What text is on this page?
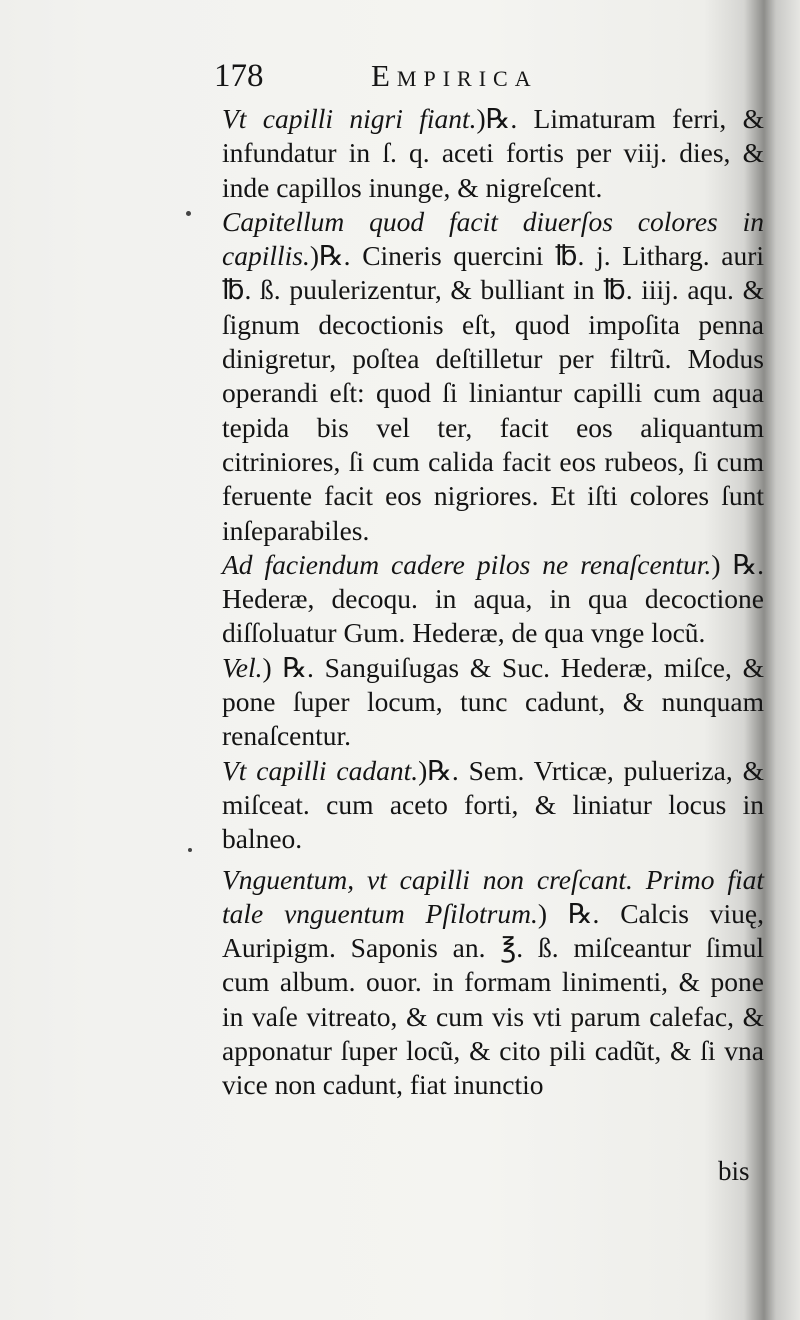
178	Empirica

Vt capilli nigri fiant.)℞. Limaturam ferri, & infundatur in ſ. q. aceti fortis per viij. dies, & inde capillos inunge, & nigreſcent.

Capitellum quod facit diuerſos colores in capillis.)℞. Cineris quercini ℔. j. Litharg. auri ℔. ß. puulerizentur, & bulliant in ℔. iiij. aqu. & ſignum decoctionis eſt, quod impoſita penna dinigretur, poſtea deſtilletur per filtrũ. Modus operandi eſt: quod ſi liniantur capilli cum aqua tepida bis vel ter, facit eos aliquantum citriniores, ſi cum calida facit eos rubeos, ſi cum feruente facit eos nigriores. Et iſti colores ſunt inſeparabiles.

Ad faciendum cadere pilos ne renaſcentur.) ℞. Hederæ, decoqu. in aqua, in qua decoctione diſſoluatur Gum. Hederæ, de qua vnge locũ.

Vel.) ℞. Sanguiſugas & Suc. Hederæ, miſce, & pone ſuper locum, tunc cadunt, & nunquam renaſcentur.

Vt capilli cadant.)℞. Sem. Vrticæ, pulueriza, & miſceat. cum aceto forti, & liniatur locus in balneo.

Vnguentum, vt capilli non creſcant. Primo fiat tale vnguentum Pſilotrum.) ℞. Calcis viuę, Auripigm. Saponis an. ℥. ß. miſceantur ſimul cum album. ouor. in formam linimenti, & pone in vaſe vitreato, & cum vis vti parum calefac, & apponatur ſuper locũ, & cito pili cadũt, & ſi vna vice non cadunt, fiat inunctio

bis
